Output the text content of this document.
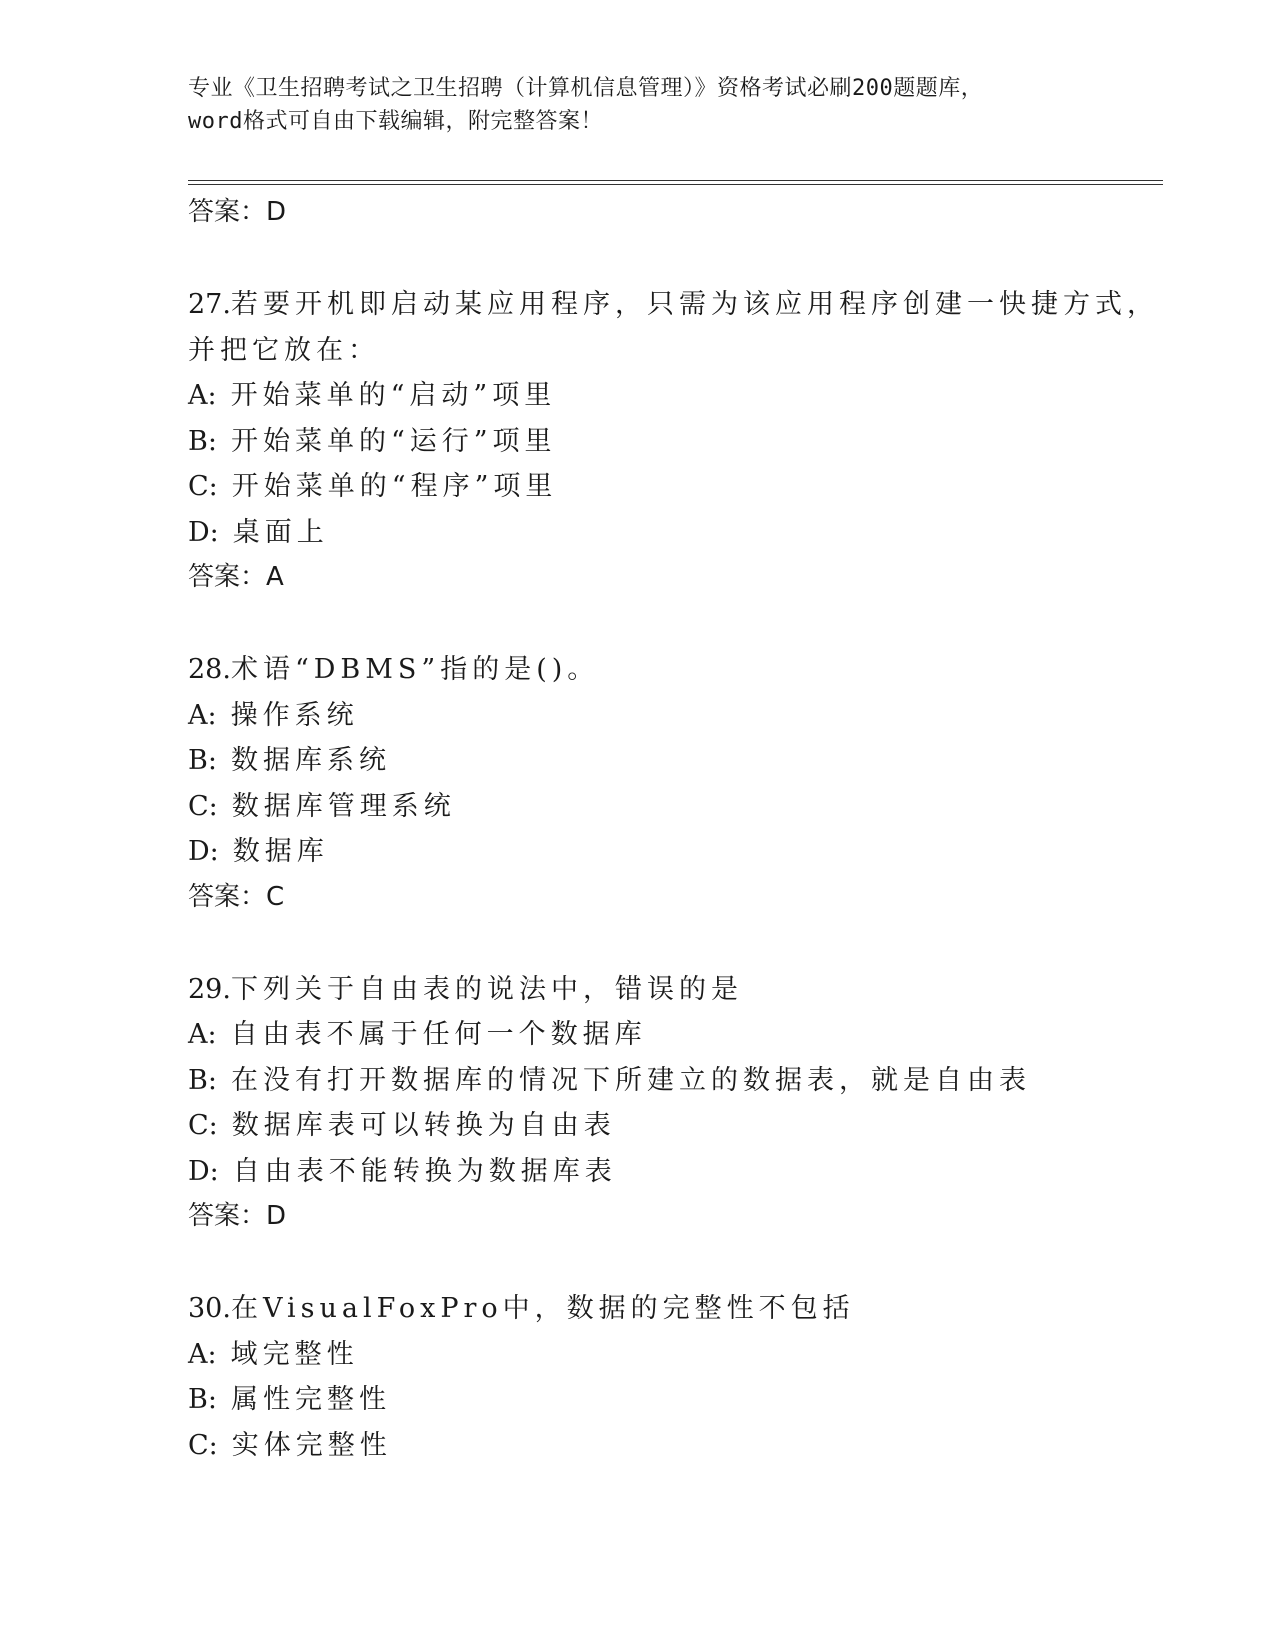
专业《卫生招聘考试之卫生招聘（计算机信息管理）》资格考试必刷200题题库，
word格式可自由下载编辑，附完整答案！
答案：D
27.若要开机即启动某应用程序，只需为该应用程序创建一快捷方式，
并把它放在：
A: 开始菜单的“启动”项里
B: 开始菜单的“运行”项里
C: 开始菜单的“程序”项里
D: 桌面上
答案：A
28.术语“DBMS”指的是()。
A: 操作系统
B: 数据库系统
C: 数据库管理系统
D: 数据库
答案：C
29.下列关于自由表的说法中，错误的是
A: 自由表不属于任何一个数据库
B: 在没有打开数据库的情况下所建立的数据表，就是自由表
C: 数据库表可以转换为自由表
D: 自由表不能转换为数据库表
答案：D
30.在VisualFoxPro中，数据的完整性不包括
A: 域完整性
B: 属性完整性
C: 实体完整性
